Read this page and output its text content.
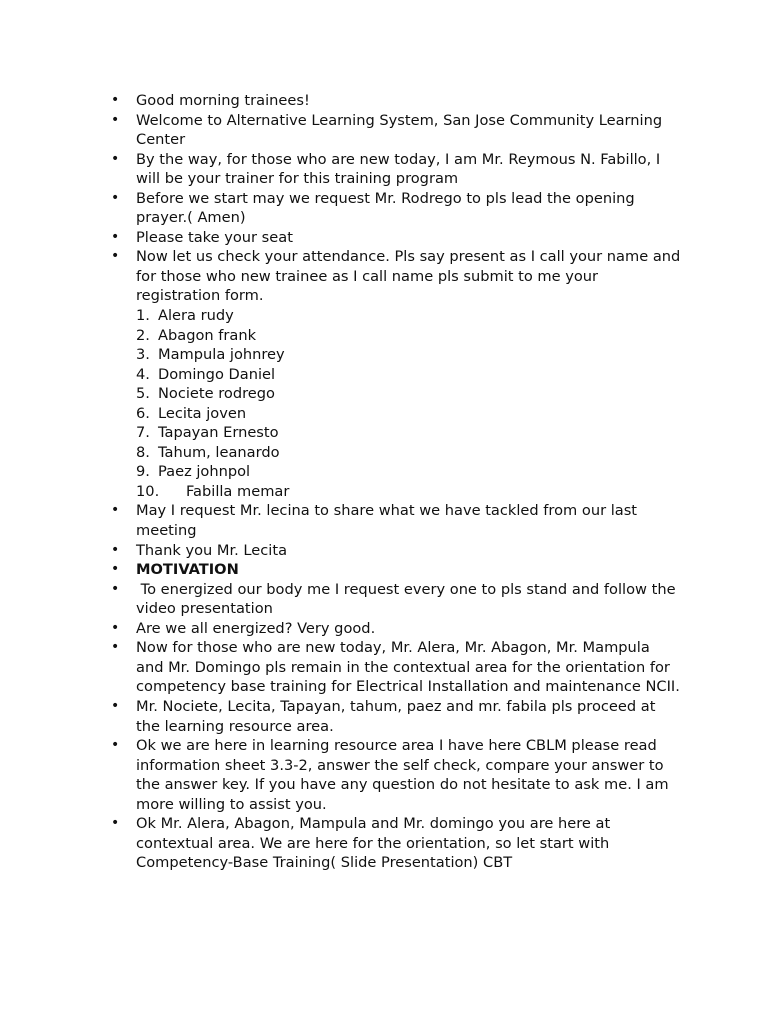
• Good morning trainees!
• Welcome to Alternative Learning System, San Jose Community Learning Center
• By the way, for those who are new today, I am Mr. Reymous N. Fabillo, I will be your trainer for this training program
• Before we start may we request Mr. Rodrego to pls lead the opening prayer.( Amen)
• Please take your seat
• Now let us check your attendance. Pls say present as I call your name and for those who new trainee as I call name pls submit to me your registration form.
1. Alera rudy
2. Abagon frank
3. Mampula johnrey
4. Domingo Daniel
5. Nociete rodrego
6. Lecita joven
7. Tapayan Ernesto
8. Tahum, leanardo
9. Paez johnpol
10. Fabilla memar
• May I request Mr. lecina to share what we have tackled from our last meeting
• Thank you Mr. Lecita
• MOTIVATION
• To energized our body me I request every one to pls stand and follow the video presentation
• Are we all energized? Very good.
• Now for those who are new today, Mr. Alera, Mr. Abagon, Mr. Mampula and Mr. Domingo pls remain in the contextual area for the orientation for competency base training for Electrical Installation and maintenance NCII.
• Mr. Nociete, Lecita, Tapayan, tahum, paez and mr. fabila pls proceed at the learning resource area.
• Ok we are here in learning resource area I have here CBLM please read information sheet 3.3-2, answer the self check, compare your answer to the answer key. If you have any question do not hesitate to ask me. I am more willing to assist you.
• Ok Mr. Alera, Abagon, Mampula and Mr. domingo you are here at contextual area. We are here for the orientation, so let start with Competency-Base Training( Slide Presentation) CBT
